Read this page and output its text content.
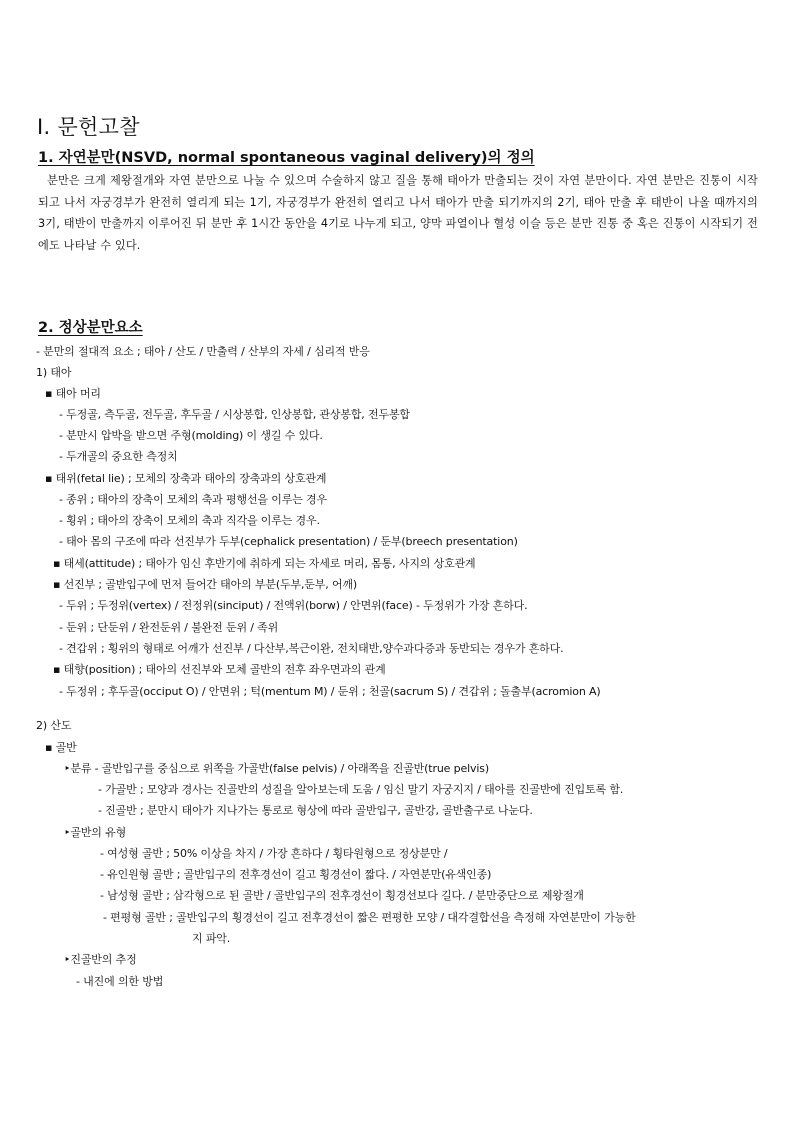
Ⅰ. 문헌고찰
1. 자연분만(NSVD, normal spontaneous vaginal delivery)의 정의
분만은 크게 제왕절개와 자연 분만으로 나눌 수 있으며 수술하지 않고 질을 통해 태아가 만출되는 것이 자연 분만이다. 자연 분만은 진통이 시작되고 나서 자궁경부가 완전히 열리게 되는 1기, 자궁경부가 완전히 열리고 나서 태아가 만출 되기까지의 2기, 태아 만출 후 태반이 나올 때까지의 3기, 태반이 만출까지 이루어진 뒤 분만 후 1시간 동안을 4기로 나누게 되고, 양막 파열이나 혈성 이슬 등은 분만 진통 중 혹은 진통이 시작되기 전에도 나타날 수 있다.
2. 정상분만요소
- 분만의 절대적 요소 ; 태아 / 산도 / 만출력 / 산부의 자세 / 심리적 반응
1) 태아
▪ 태아 머리
- 두정골, 측두골, 전두골, 후두골 / 시상봉합, 인상봉합, 관상봉합, 전두봉합
- 분만시 압박을 받으면 주형(molding) 이 생길 수 있다.
- 두개골의 중요한 측정치
▪ 태위(fetal lie) ; 모체의 장축과 태아의 장축과의 상호관계
- 종위 ; 태아의 장축이 모체의 축과 평행선을 이루는 경우
- 횡위 ; 태아의 장축이 모체의 축과 직각을 이루는 경우.
- 태아 몸의 구조에 따라 선진부가 두부(cephalick presentation) / 둔부(breech presentation)
▪ 태세(attitude) ; 태아가 임신 후반기에 취하게 되는 자세로 머리, 몸통, 사지의 상호관계
▪ 선진부 ; 골반입구에 먼저 들어간 태아의 부분(두부,둔부, 어깨)
- 두위 ; 두정위(vertex) / 전정위(sinciput) / 전액위(borw) / 안면위(face) - 두정위가 가장 흔하다.
- 둔위 ; 단둔위 / 완전둔위 / 불완전 둔위 / 족위
- 견갑위 ; 횡위의 형태로 어깨가 선진부 / 다산부,복근이완, 전치태반,양수과다증과 동반되는 경우가 흔하다.
▪ 태향(position) ; 태아의 선진부와 모체 골반의 전후 좌우면과의 관계
- 두정위 ; 후두골(occiput O) / 안면위 ; 턱(mentum M) / 둔위 ; 천골(sacrum S) / 견갑위 ; 돌출부(acromion A)
2) 산도
▪ 골반
‣분류 - 골반입구를 중심으로 위쪽을 가골반(false pelvis) / 아래쪽을 진골반(true pelvis)
- 가골반 ; 모양과 경사는 진골반의 성질을 알아보는데 도움 / 임신 말기 자궁지지 / 태아를 진골반에 진입토록 함.
- 진골반 ; 분만시 태아가 지나가는 통로로 형상에 따라 골반입구, 골반강, 골반출구로 나눈다.
‣골반의 유형
- 여성형 골반 ; 50% 이상을 차지 / 가장 흔하다 / 횡타원형으로 정상분만 /
- 유인원형 골반 ; 골반입구의 전후경선이 길고 횡경선이 짧다. / 자연분만(유색인종)
- 남성형 골반 ; 삼각형으로 된 골반 / 골반입구의 전후경선이 횡경선보다 길다. / 분만중단으로 제왕절개
- 편평형 골반 ; 골반입구의 횡경선이 길고 전후경선이 짧은 편평한 모양 / 대각결합선을 측정해 자연분만이 가능한
지 파악.
‣진골반의 추정
- 내진에 의한 방법
